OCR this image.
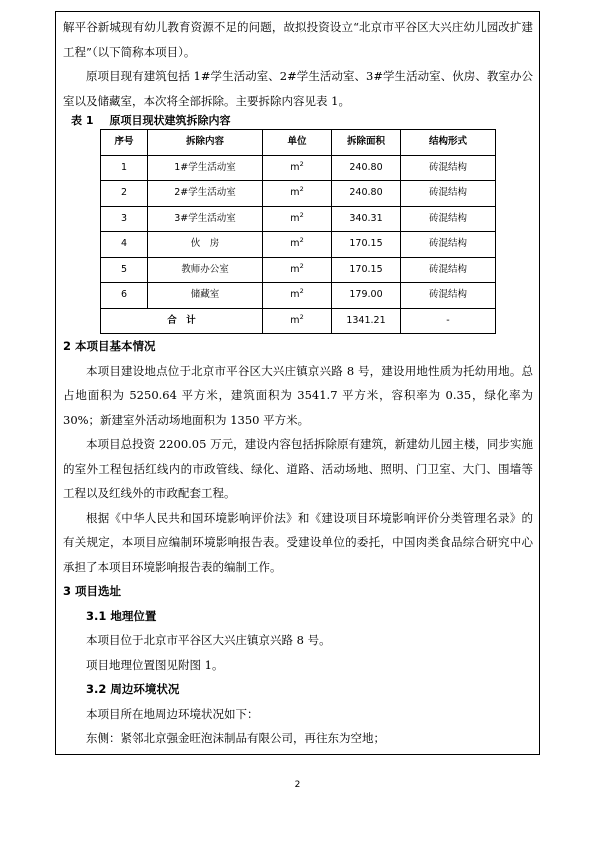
解平谷新城现有幼儿教育资源不足的问题，故拟投资设立“北京市平谷区大兴庄幼儿园改扩建工程”（以下简称本项目）。

原项目现有建筑包括 1#学生活动室、2#学生活动室、3#学生活动室、伙房、教室办公室以及储藏室，本次将全部拆除。主要拆除内容见表 1。

表 1 原项目现状建筑拆除内容

序号	拆除内容	单位	拆除面积	结构形式
1	1#学生活动室	$m^2$	240.80	砖混结构
2	2#学生活动室	$m^2$	240.80	砖混结构
3	3#学生活动室	$m^2$	340.31	砖混结构
4	伙　房	$m^2$	170.15	砖混结构
5	教师办公室	$m^2$	170.15	砖混结构
6	储藏室	$m^2$	179.00	砖混结构
合　计		$m^2$	1341.21	-

2 本项目基本情况

本项目建设地点位于北京市平谷区大兴庄镇京兴路 8 号，建设用地性质为托幼用地。总占地面积为 5250.64 平方米，建筑面积为 3541.7 平方米，容积率为 0.35，绿化率为 30%；新建室外活动场地面积为 1350 平方米。

本项目总投资 2200.05 万元，建设内容包括拆除原有建筑，新建幼儿园主楼，同步实施的室外工程包括红线内的市政管线、绿化、道路、活动场地、照明、门卫室、大门、围墙等工程以及红线外的市政配套工程。

根据《中华人民共和国环境影响评价法》和《建设项目环境影响评价分类管理名录》的有关规定，本项目应编制环境影响报告表。受建设单位的委托，中国肉类食品综合研究中心承担了本项目环境影响报告表的编制工作。

3 项目选址

3.1 地理位置

本项目位于北京市平谷区大兴庄镇京兴路 8 号。

项目地理位置图见附图 1。

3.2 周边环境状况

本项目所在地周边环境状况如下：

东侧：紧邻北京强金旺泡沫制品有限公司，再往东为空地；

2
